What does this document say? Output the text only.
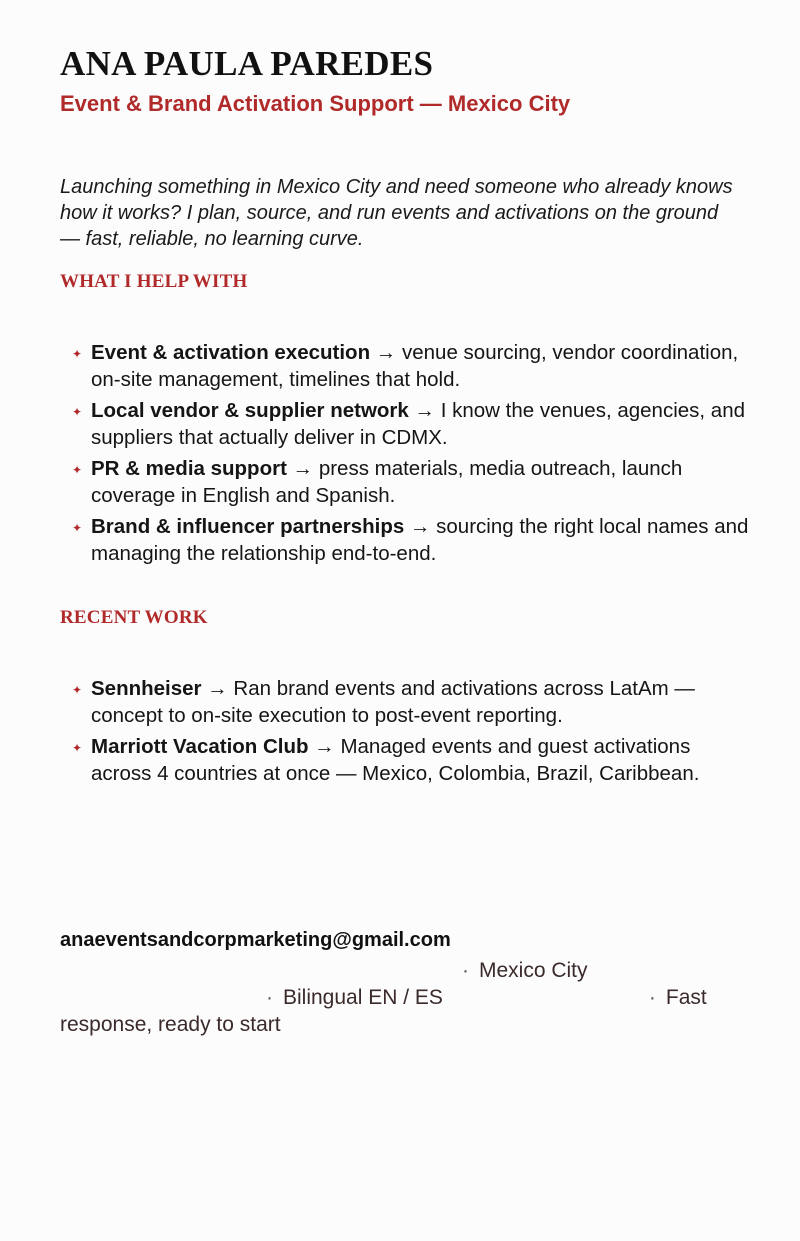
ANA PAULA PAREDES
Event & Brand Activation Support — Mexico City

Launching something in Mexico City and need someone who already knows how it works? I plan, source, and run events and activations on the ground — fast, reliable, no learning curve.

WHAT I HELP WITH
✦ Event & activation execution → venue sourcing, vendor coordination, on-site management, timelines that hold.
✦ Local vendor & supplier network → I know the venues, agencies, and suppliers that actually deliver in CDMX.
✦ PR & media support → press materials, media outreach, launch coverage in English and Spanish.
✦ Brand & influencer partnerships → sourcing the right local names and managing the relationship end-to-end.
RECENT WORK
✦ Sennheiser → Ran brand events and activations across LatAm — concept to on-site execution to post-event reporting.
✦ Marriott Vacation Club → Managed events and guest activations across 4 countries at once — Mexico, Colombia, Brazil, Caribbean.
anaeventsandcorpmarketing@gmail.com

· Mexico City· Bilingual EN / ES	· Fast response, ready to start
